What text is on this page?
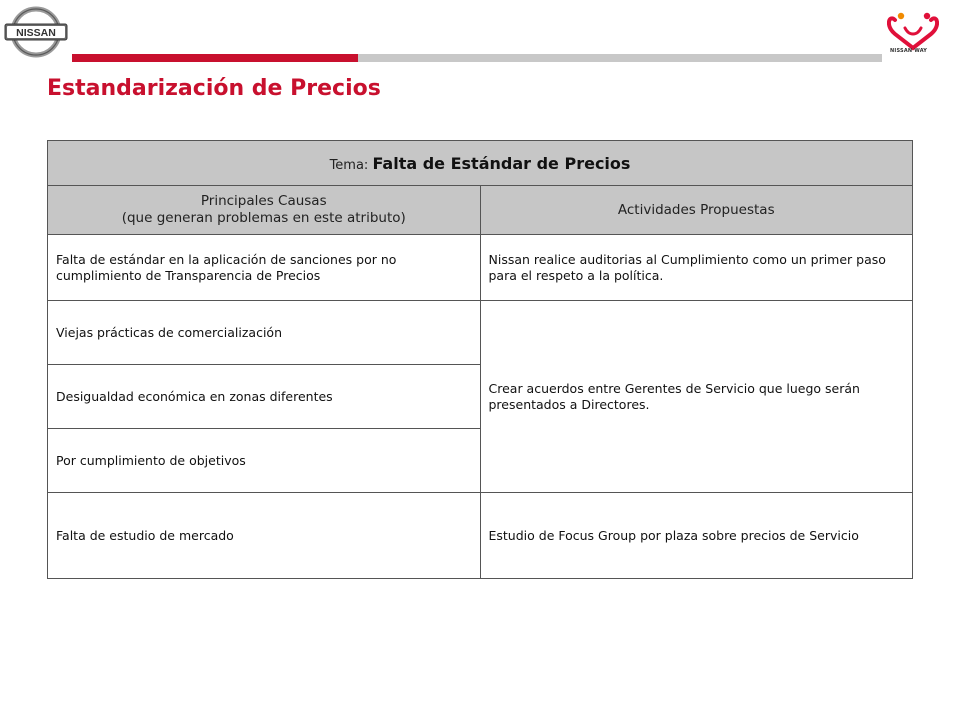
NISSAN
NISSAN WAY
Estandarización de Precios
Tema: Falta de Estándar de Precios	
Principales Causas
(que generan problemas en este atributo)	Actividades Propuestas
Falta de estándar en la aplicación de sanciones por no cumplimiento de Transparencia de Precios	Nissan realice auditorias al Cumplimiento como un primer paso para el respeto a la política.
Viejas prácticas de comercialización	Crear acuerdos entre Gerentes de Servicio que luego serán presentados a Directores.
Desigualdad económica en zonas diferentes	
Por cumplimiento de objetivos	
Falta de estudio de mercado	Estudio de Focus Group por plaza sobre precios de Servicio
